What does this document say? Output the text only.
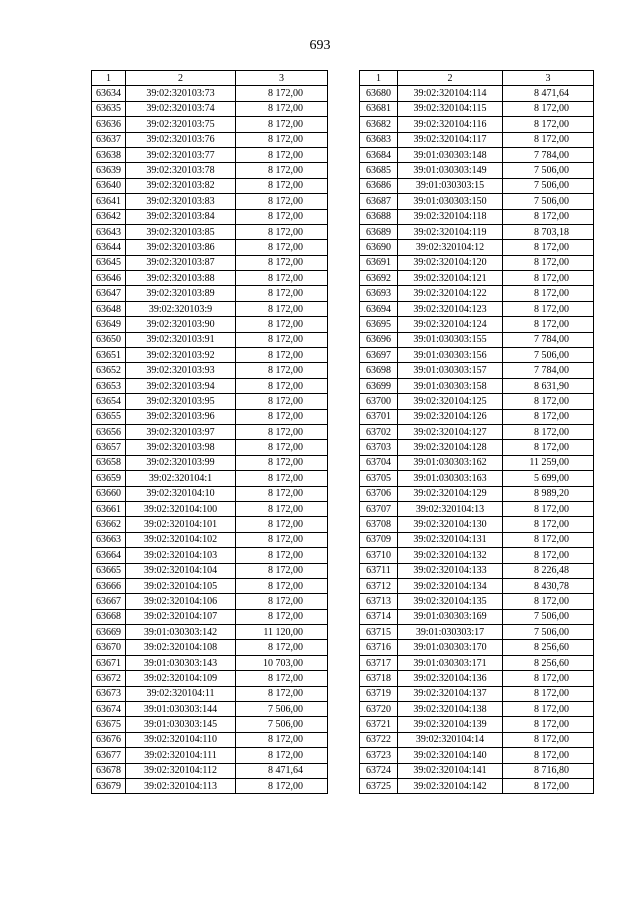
693
1	2	3
63634	39:02:320103:73	8 172,00
63635	39:02:320103:74	8 172,00
63636	39:02:320103:75	8 172,00
63637	39:02:320103:76	8 172,00
63638	39:02:320103:77	8 172,00
63639	39:02:320103:78	8 172,00
63640	39:02:320103:82	8 172,00
63641	39:02:320103:83	8 172,00
63642	39:02:320103:84	8 172,00
63643	39:02:320103:85	8 172,00
63644	39:02:320103:86	8 172,00
63645	39:02:320103:87	8 172,00
63646	39:02:320103:88	8 172,00
63647	39:02:320103:89	8 172,00
63648	39:02:320103:9	8 172,00
63649	39:02:320103:90	8 172,00
63650	39:02:320103:91	8 172,00
63651	39:02:320103:92	8 172,00
63652	39:02:320103:93	8 172,00
63653	39:02:320103:94	8 172,00
63654	39:02:320103:95	8 172,00
63655	39:02:320103:96	8 172,00
63656	39:02:320103:97	8 172,00
63657	39:02:320103:98	8 172,00
63658	39:02:320103:99	8 172,00
63659	39:02:320104:1	8 172,00
63660	39:02:320104:10	8 172,00
63661	39:02:320104:100	8 172,00
63662	39:02:320104:101	8 172,00
63663	39:02:320104:102	8 172,00
63664	39:02:320104:103	8 172,00
63665	39:02:320104:104	8 172,00
63666	39:02:320104:105	8 172,00
63667	39:02:320104:106	8 172,00
63668	39:02:320104:107	8 172,00
63669	39:01:030303:142	11 120,00
63670	39:02:320104:108	8 172,00
63671	39:01:030303:143	10 703,00
63672	39:02:320104:109	8 172,00
63673	39:02:320104:11	8 172,00
63674	39:01:030303:144	7 506,00
63675	39:01:030303:145	7 506,00
63676	39:02:320104:110	8 172,00
63677	39:02:320104:111	8 172,00
63678	39:02:320104:112	8 471,64
63679	39:02:320104:113	8 172,00
1	2	3
63680	39:02:320104:114	8 471,64
63681	39:02:320104:115	8 172,00
63682	39:02:320104:116	8 172,00
63683	39:02:320104:117	8 172,00
63684	39:01:030303:148	7 784,00
63685	39:01:030303:149	7 506,00
63686	39:01:030303:15	7 506,00
63687	39:01:030303:150	7 506,00
63688	39:02:320104:118	8 172,00
63689	39:02:320104:119	8 703,18
63690	39:02:320104:12	8 172,00
63691	39:02:320104:120	8 172,00
63692	39:02:320104:121	8 172,00
63693	39:02:320104:122	8 172,00
63694	39:02:320104:123	8 172,00
63695	39:02:320104:124	8 172,00
63696	39:01:030303:155	7 784,00
63697	39:01:030303:156	7 506,00
63698	39:01:030303:157	7 784,00
63699	39:01:030303:158	8 631,90
63700	39:02:320104:125	8 172,00
63701	39:02:320104:126	8 172,00
63702	39:02:320104:127	8 172,00
63703	39:02:320104:128	8 172,00
63704	39:01:030303:162	11 259,00
63705	39:01:030303:163	5 699,00
63706	39:02:320104:129	8 989,20
63707	39:02:320104:13	8 172,00
63708	39:02:320104:130	8 172,00
63709	39:02:320104:131	8 172,00
63710	39:02:320104:132	8 172,00
63711	39:02:320104:133	8 226,48
63712	39:02:320104:134	8 430,78
63713	39:02:320104:135	8 172,00
63714	39:01:030303:169	7 506,00
63715	39:01:030303:17	7 506,00
63716	39:01:030303:170	8 256,60
63717	39:01:030303:171	8 256,60
63718	39:02:320104:136	8 172,00
63719	39:02:320104:137	8 172,00
63720	39:02:320104:138	8 172,00
63721	39:02:320104:139	8 172,00
63722	39:02:320104:14	8 172,00
63723	39:02:320104:140	8 172,00
63724	39:02:320104:141	8 716,80
63725	39:02:320104:142	8 172,00
